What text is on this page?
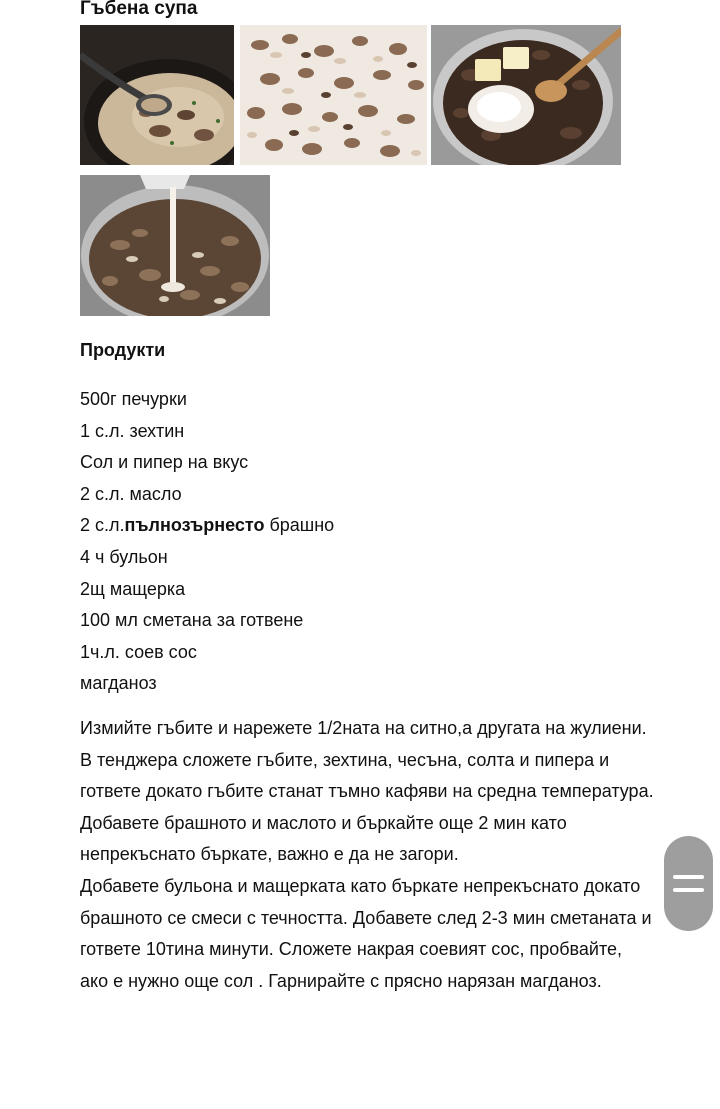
Гъбена супа
Продукти
500г печурки
1 с.л. зехтин
Сол и пипер на вкус
2 с.л. масло
2 с.л.пълнозърнесто брашно
4 ч бульон
2щ мащерка
100 мл сметана за готвене
1ч.л. соев сос
магданоз

Измийте гъбите и нарежете 1/2ната на ситно,а другата на жулиени.

В тенджера сложете гъбите, зехтина, чесъна, солта и пипера и гответе докато гъбите станат тъмно кафяви на средна температура.

Добавете брашното и маслото и бъркайте още 2 мин като непрекъснато бъркате, важно е да не загори.

Добавете бульона и мащерката като бъркате непрекъснато докато брашното се смеси с течността. Добавете след 2-3 мин сметаната и гответе 10тина минути. Сложете накрая соевият сос, пробвайте, ако е нужно още сол . Гарнирайте с прясно нарязан магданоз.
